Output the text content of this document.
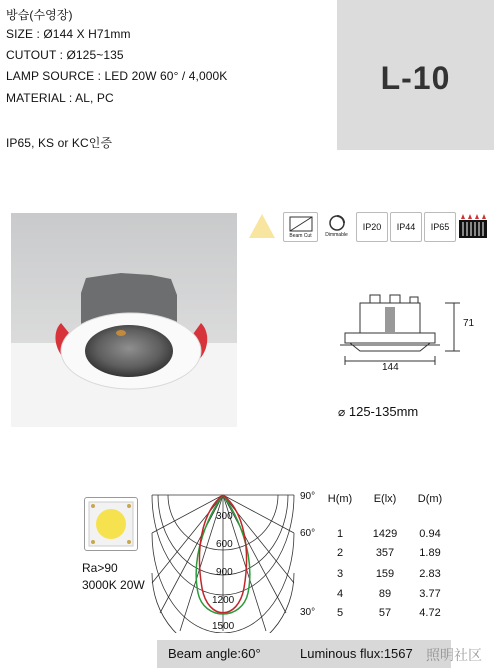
방습(수영장)
SIZE : Ø144 X H71mm
CUTOUT : Ø125~135
LAMP SOURCE : LED 20W 60° / 4,000K
MATERIAL : AL, PC
IP65, KS or KC인증
L-10
Beam Cut	Dimmable
IP20 IP44 IP65
71
144
⌀ 125-135mm
Ra>90
3000K 20W
300
600
900
1200
1500
90°
60°
30°
H(m)	E(lx)	D(m)
1	1429	0.94
2	357	1.89
3	159	2.83
4	89	3.77
5	57	4.72
Beam angle:60°	Luminous flux:1567 照明社区
